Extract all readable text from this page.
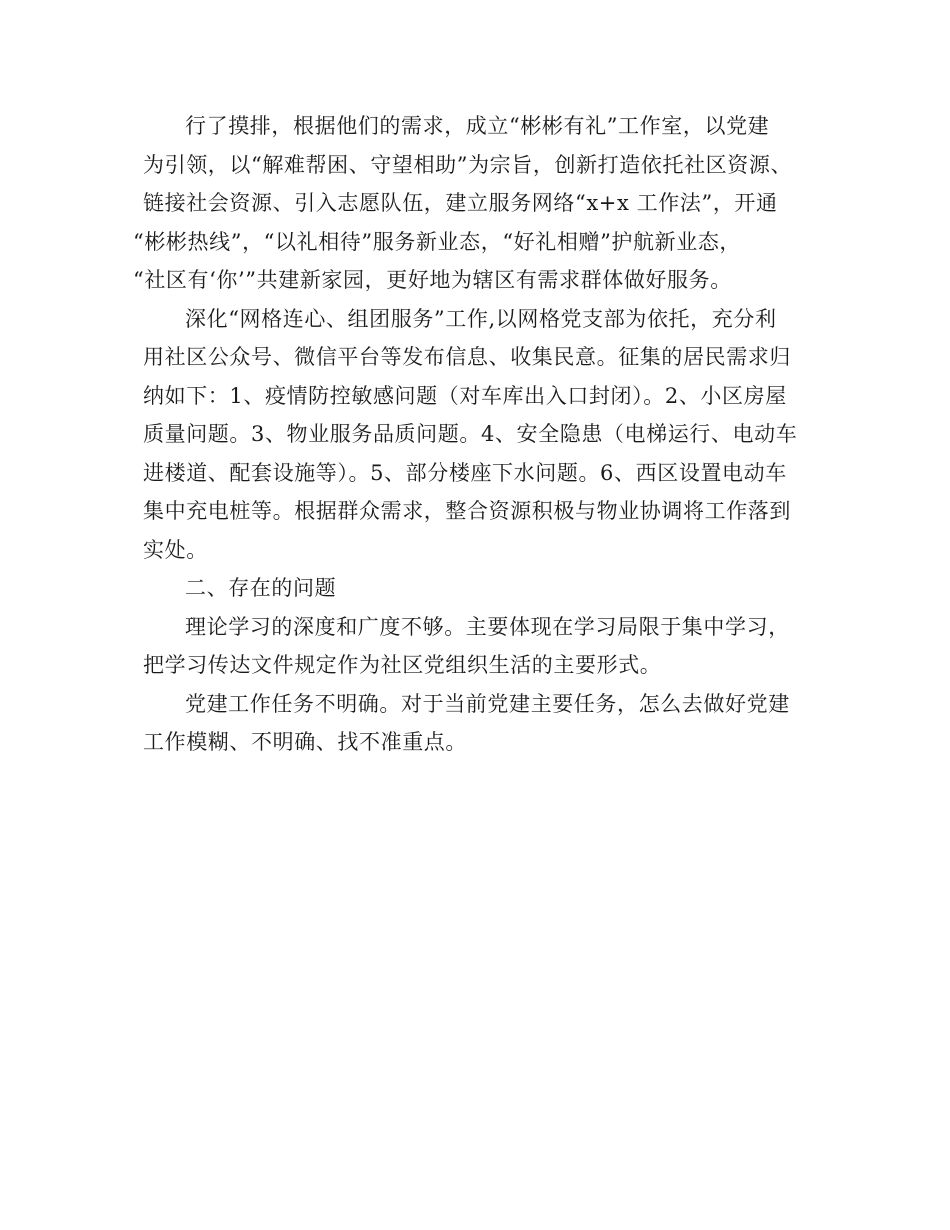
行了摸排，根据他们的需求，成立“彬彬有礼”工作室，以党建
为引领，以“解难帮困、守望相助”为宗旨，创新打造依托社区资源、
链接社会资源、引入志愿队伍，建立服务网络“x+x 工作法”，开通
“彬彬热线”，“以礼相待”服务新业态，“好礼相赠”护航新业态，
“社区有‘你’”共建新家园，更好地为辖区有需求群体做好服务。

深化“网格连心、组团服务”工作,以网格党支部为依托，充分利
用社区公众号、微信平台等发布信息、收集民意。征集的居民需求归
纳如下：1、疫情防控敏感问题（对车库出入口封闭）。2、小区房屋
质量问题。3、物业服务品质问题。4、安全隐患（电梯运行、电动车
进楼道、配套设施等）。5、部分楼座下水问题。6、西区设置电动车
集中充电桩等。根据群众需求，整合资源积极与物业协调将工作落到
实处。

二、存在的问题

理论学习的深度和广度不够。主要体现在学习局限于集中学习，
把学习传达文件规定作为社区党组织生活的主要形式。

党建工作任务不明确。对于当前党建主要任务，怎么去做好党建
工作模糊、不明确、找不准重点。
